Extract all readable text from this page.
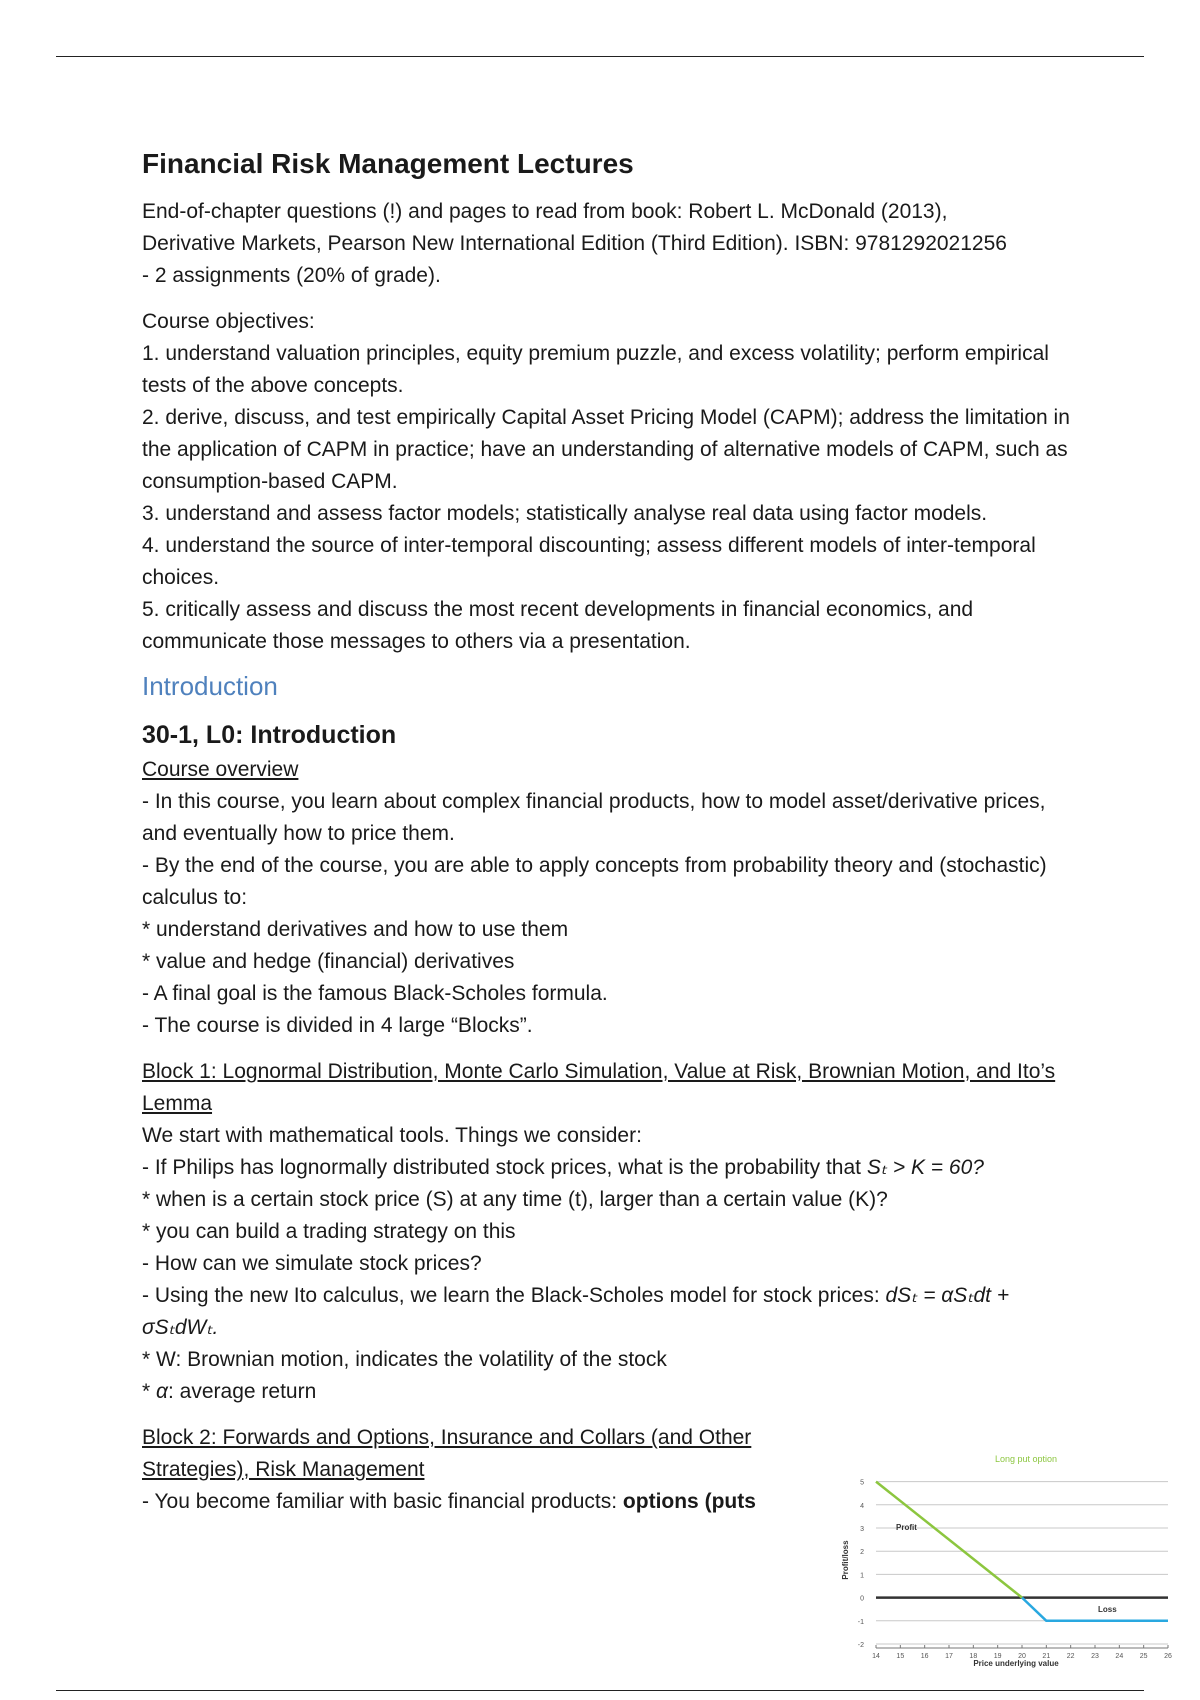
Financial Risk Management Lectures

End-of-chapter questions (!) and pages to read from book: Robert L. McDonald (2013),

Derivative Markets, Pearson New International Edition (Third Edition). ISBN: 9781292021256

- 2 assignments (20% of grade).

Course objectives:

1. understand valuation principles, equity premium puzzle, and excess volatility; perform empirical tests of the above concepts.

2. derive, discuss, and test empirically Capital Asset Pricing Model (CAPM); address the limitation in the application of CAPM in practice; have an understanding of alternative models of CAPM, such as consumption-based CAPM.

3. understand and assess factor models; statistically analyse real data using factor models.

4. understand the source of inter-temporal discounting; assess different models of inter-temporal choices.

5. critically assess and discuss the most recent developments in financial economics, and communicate those messages to others via a presentation.

Introduction
30-1, L0: Introduction

Course overview

- In this course, you learn about complex financial products, how to model asset/derivative prices, and eventually how to price them.

- By the end of the course, you are able to apply concepts from probability theory and (stochastic) calculus to:

* understand derivatives and how to use them

* value and hedge (financial) derivatives

- A final goal is the famous Black-Scholes formula.

- The course is divided in 4 large “Blocks”.

Block 1: Lognormal Distribution, Monte Carlo Simulation, Value at Risk, Brownian Motion, and Ito’s Lemma

We start with mathematical tools. Things we consider:

- If Philips has lognormally distributed stock prices, what is the probability that Sₜ > K = 60?

* when is a certain stock price (S) at any time (t), larger than a certain value (K)?

* you can build a trading strategy on this

- How can we simulate stock prices?

- Using the new Ito calculus, we learn the Black-Scholes model for stock prices: dSₜ = αSₜdt + σSₜdWₜ.

* W: Brownian motion, indicates the volatility of the stock

* α: average return

Block 2: Forwards and Options, Insurance and Collars (and Other Strategies), Risk Management

- You become familiar with basic financial products: options (puts

Long put option
-2
-1
0
1
2
3
4
5
14 15 16 17 18 19 20 21 22 23 24 25 26
Profit
Loss
Price underlying value
Profit/loss
